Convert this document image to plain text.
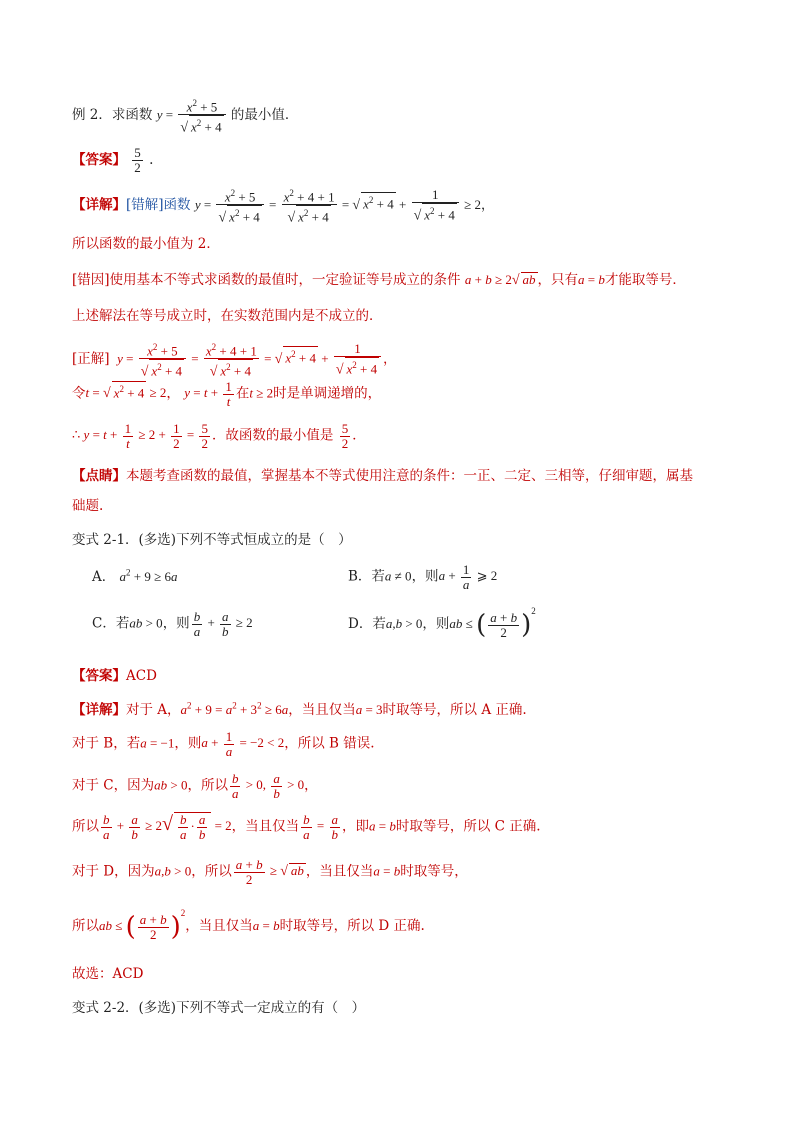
例 2．求函数 $y = \frac{x^2 + 5}{√ x^2 + 4}$ 的最小值．
【答案】 $\frac{5}{2}$ .
【详解】[错解]函数 $y = \frac{x^2 + 5}{√ x^2 + 4} = \frac{x^2 + 4 + 1}{√ x^2 + 4}$ = √ $x^2 + 4 + \frac{1}{√ x^2 + 4} \ge 2$，
所以函数的最小值为 2．
[错因]使用基本不等式求函数的最值时，一定验证等号成立的条件 a + b ≥ 2√ ab ，只有a = b才能取等号．
上述解法在等号成立时，在实数范围内是不成立的．
[正解] $y = \frac{x^2 + 5}{√ x^2 + 4} = \frac{x^2 + 4 + 1}{√ x^2 + 4}$ = √ $x^2 + 4 + \frac{1}{√ x^2 + 4}$ ，
令t = √ $x^2 + 4 \ge 2$， $y = t + \frac{1}{t}$ 在t ≥ 2时是单调递增的，
∴ $y = t + \frac{1}{t} \ge 2 + \frac{1}{2} = \frac{5}{2}$ ．故函数的最小值是 $\frac{5}{2}$ ．
【点睛】本题考查函数的最值，掌握基本不等式使用注意的条件：一正、二定、三相等，仔细审题，属基
础题.
变式 2-1．(多选)下列不等式恒成立的是（　）
A． $a^2 + 9 \ge 6a$	B．若a ≠ 0，则$a + \frac{1}{a}$ ⩾ 2
C．若ab > 0，则 $\frac{b}{a} + \frac{a}{b} \ge 2$	D．若a,b > 0，则ab ≤ ( $\frac{a + b}{2} )^2$
【答案】ACD
【详解】对于 A，$a^2 + 9 = a^2 + 3^2 \ge 6a$，当且仅当a = 3时取等号，所以 A 正确.
对于 B，若a = −1，则$a + \frac{1}{a} = -2 < 2$，所以 B 错误.
对于 C，因为ab > 0，所以 $\frac{b}{a} > 0$, $\frac{a}{b} > 0$，
所以 $\frac{b}{a} + \frac{a}{b} \ge 2√ \frac{b}{a} \cdot \frac{a}{b} = 2$，当且仅当 $\frac{b}{a} = \frac{a}{b}$ ，即a = b时取等号，所以 C 正确.
对于 D，因为a,b > 0，所以 $\frac{a + b}{2}$ ≥ √ ab ，当且仅当a = b时取等号，
所以ab ≤ ( $\frac{a + b}{2} )^2$，当且仅当a = b时取等号，所以 D 正确.
故选：ACD
变式 2-2．(多选)下列不等式一定成立的有（　）
